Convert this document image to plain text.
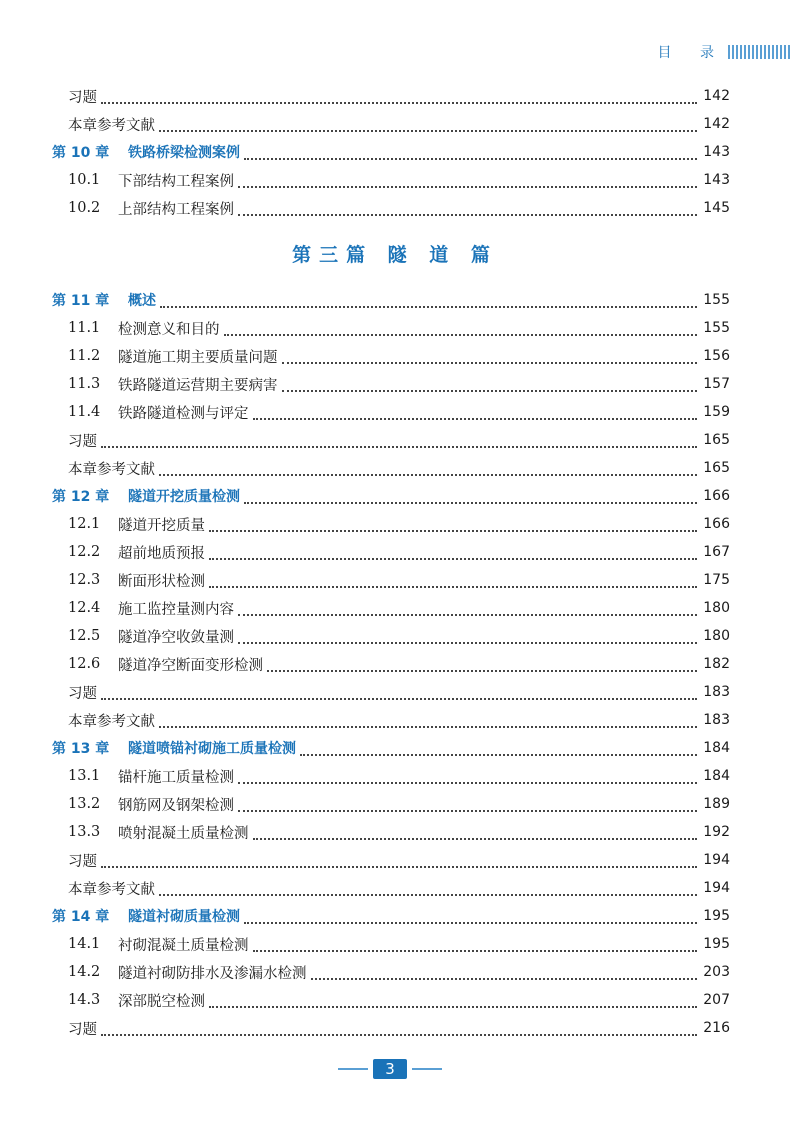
目 录
习题	142
本章参考文献	142
第 10 章 铁路桥梁检测案例	143
10.1 下部结构工程案例	143
10.2 上部结构工程案例	145
第三篇 隧 道 篇
第 11 章 概述	155
11.1 检测意义和目的	155
11.2 隧道施工期主要质量问题	156
11.3 铁路隧道运营期主要病害	157
11.4 铁路隧道检测与评定	159
习题	165
本章参考文献	165
第 12 章 隧道开挖质量检测	166
12.1 隧道开挖质量	166
12.2 超前地质预报	167
12.3 断面形状检测	175
12.4 施工监控量测内容	180
12.5 隧道净空收敛量测	180
12.6 隧道净空断面变形检测	182
习题	183
本章参考文献	183
第 13 章 隧道喷锚衬砌施工质量检测	184
13.1 锚杆施工质量检测	184
13.2 钢筋网及钢架检测	189
13.3 喷射混凝土质量检测	192
习题	194
本章参考文献	194
第 14 章 隧道衬砌质量检测	195
14.1 衬砌混凝土质量检测	195
14.2 隧道衬砌防排水及渗漏水检测	203
14.3 深部脱空检测	207
习题	216
3
